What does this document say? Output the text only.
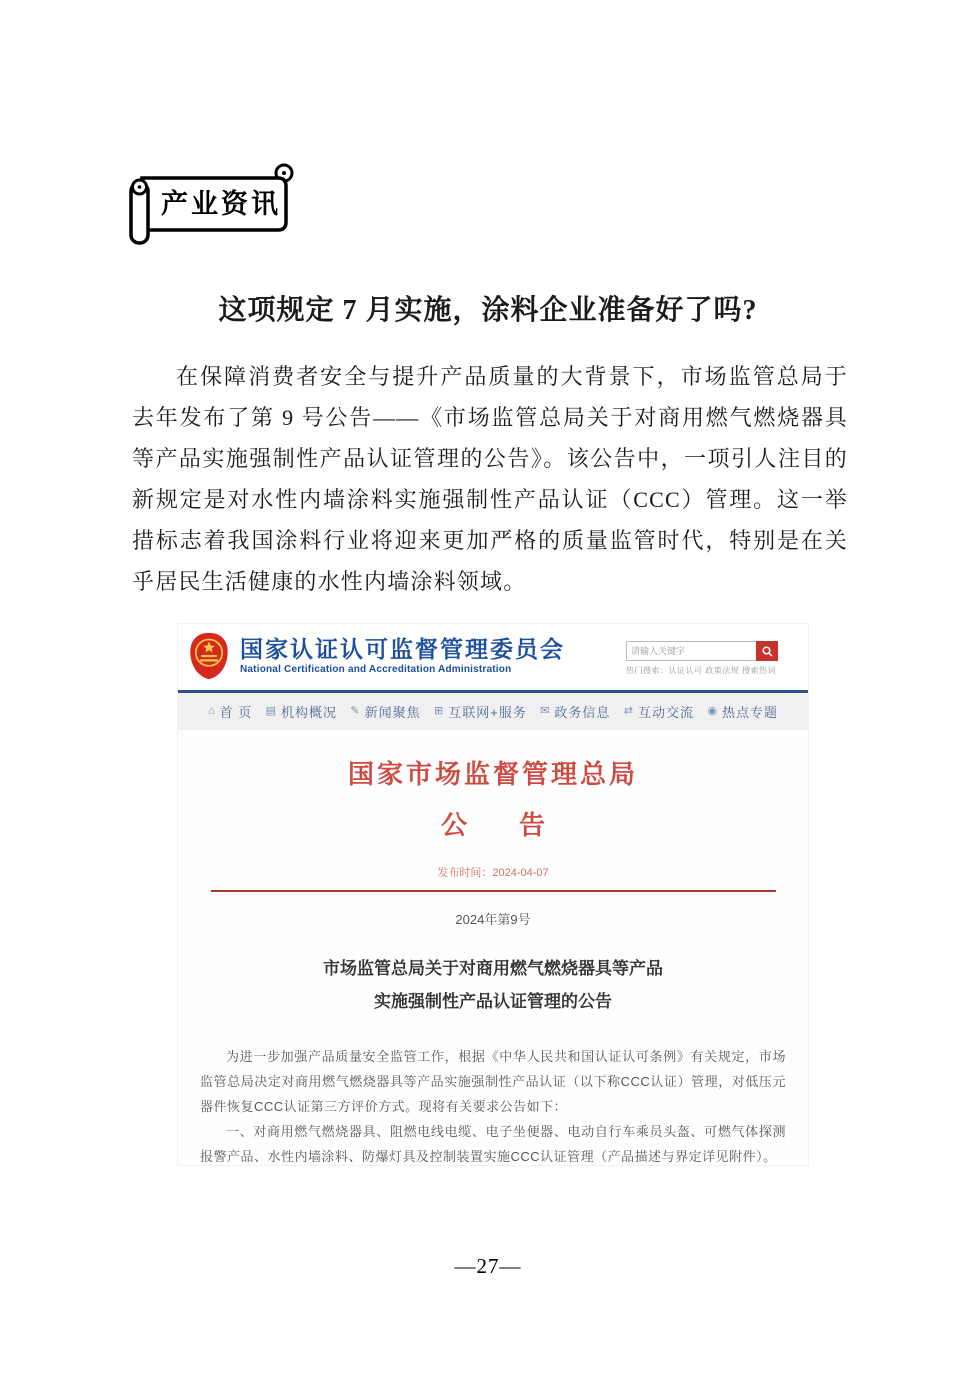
产业资讯
这项规定 7 月实施，涂料企业准备好了吗?
在保障消费者安全与提升产品质量的大背景下，市场监管总局于去年发布了第 9 号公告——《市场监管总局关于对商用燃气燃烧器具等产品实施强制性产品认证管理的公告》。该公告中，一项引人注目的新规定是对水性内墙涂料实施强制性产品认证（CCC）管理。这一举措标志着我国涂料行业将迎来更加严格的质量监管时代，特别是在关乎居民生活健康的水性内墙涂料领域。
国家认证认可监督管理委员会
National Certification and Accreditation Administration
请输入关键字	热门搜索：认证认可 政策法规 搜索热词
⌂ 首 页 ▤ 机构概况 ✎ 新闻聚焦 ⊞ 互联网+服务 ✉ 政务信息 ⇄ 互动交流 ◉ 热点专题
国家市场监督管理总局
公　　告
发布时间：2024-04-07
2024年第9号
市场监管总局关于对商用燃气燃烧器具等产品
实施强制性产品认证管理的公告

为进一步加强产品质量安全监管工作，根据《中华人民共和国认证认可条例》有关规定，市场监管总局决定对商用燃气燃烧器具等产品实施强制性产品认证（以下称CCC认证）管理，对低压元器件恢复CCC认证第三方评价方式。现将有关要求公告如下：

一、对商用燃气燃烧器具、阻燃电线电缆、电子坐便器、电动自行车乘员头盔、可燃气体探测报警产品、水性内墙涂料、防爆灯具及控制装置实施CCC认证管理（产品描述与界定详见附件）。

—27—
